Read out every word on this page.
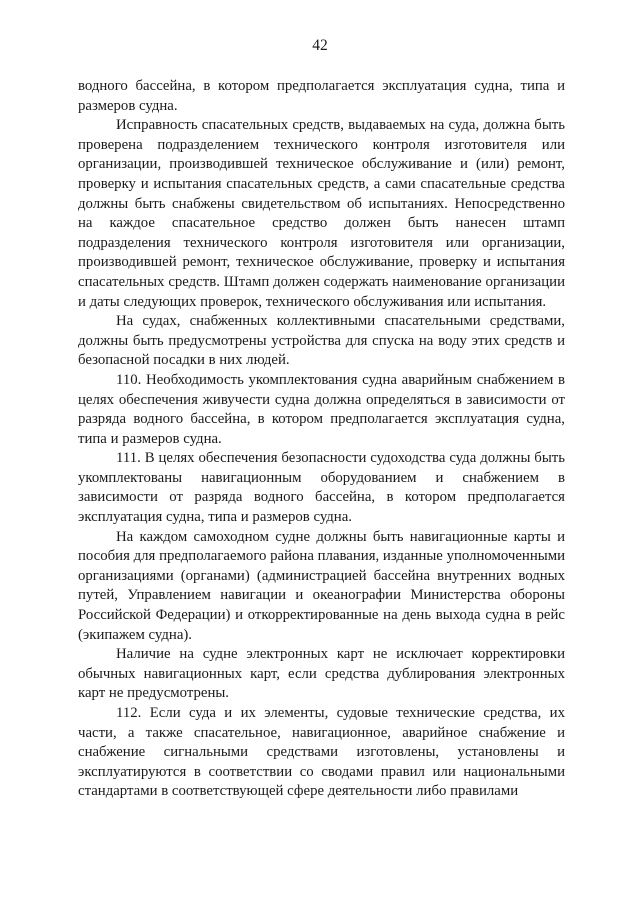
42

водного бассейна, в котором предполагается эксплуатация судна, типа и размеров судна.

Исправность спасательных средств, выдаваемых на суда, должна быть проверена подразделением технического контроля изготовителя или организации, производившей техническое обслуживание и (или) ремонт, проверку и испытания спасательных средств, а сами спасательные средства должны быть снабжены свидетельством об испытаниях. Непосредственно на каждое спасательное средство должен быть нанесен штамп подразделения технического контроля изготовителя или организации, производившей ремонт, техническое обслуживание, проверку и испытания спасательных средств. Штамп должен содержать наименование организации и даты следующих проверок, технического обслуживания или испытания.

На судах, снабженных коллективными спасательными средствами, должны быть предусмотрены устройства для спуска на воду этих средств и безопасной посадки в них людей.

110. Необходимость укомплектования судна аварийным снабжением в целях обеспечения живучести судна должна определяться в зависимости от разряда водного бассейна, в котором предполагается эксплуатация судна, типа и размеров судна.

111. В целях обеспечения безопасности судоходства суда должны быть укомплектованы навигационным оборудованием и снабжением в зависимости от разряда водного бассейна, в котором предполагается эксплуатация судна, типа и размеров судна.

На каждом самоходном судне должны быть навигационные карты и пособия для предполагаемого района плавания, изданные уполномоченными организациями (органами) (администрацией бассейна внутренних водных путей, Управлением навигации и океанографии Министерства обороны Российской Федерации) и откорректированные на день выхода судна в рейс (экипажем судна).

Наличие на судне электронных карт не исключает корректировки обычных навигационных карт, если средства дублирования электронных карт не предусмотрены.

112. Если суда и их элементы, судовые технические средства, их части, а также спасательное, навигационное, аварийное снабжение и снабжение сигнальными средствами изготовлены, установлены и эксплуатируются в соответствии со сводами правил или национальными стандартами в соответствующей сфере деятельности либо правилами
